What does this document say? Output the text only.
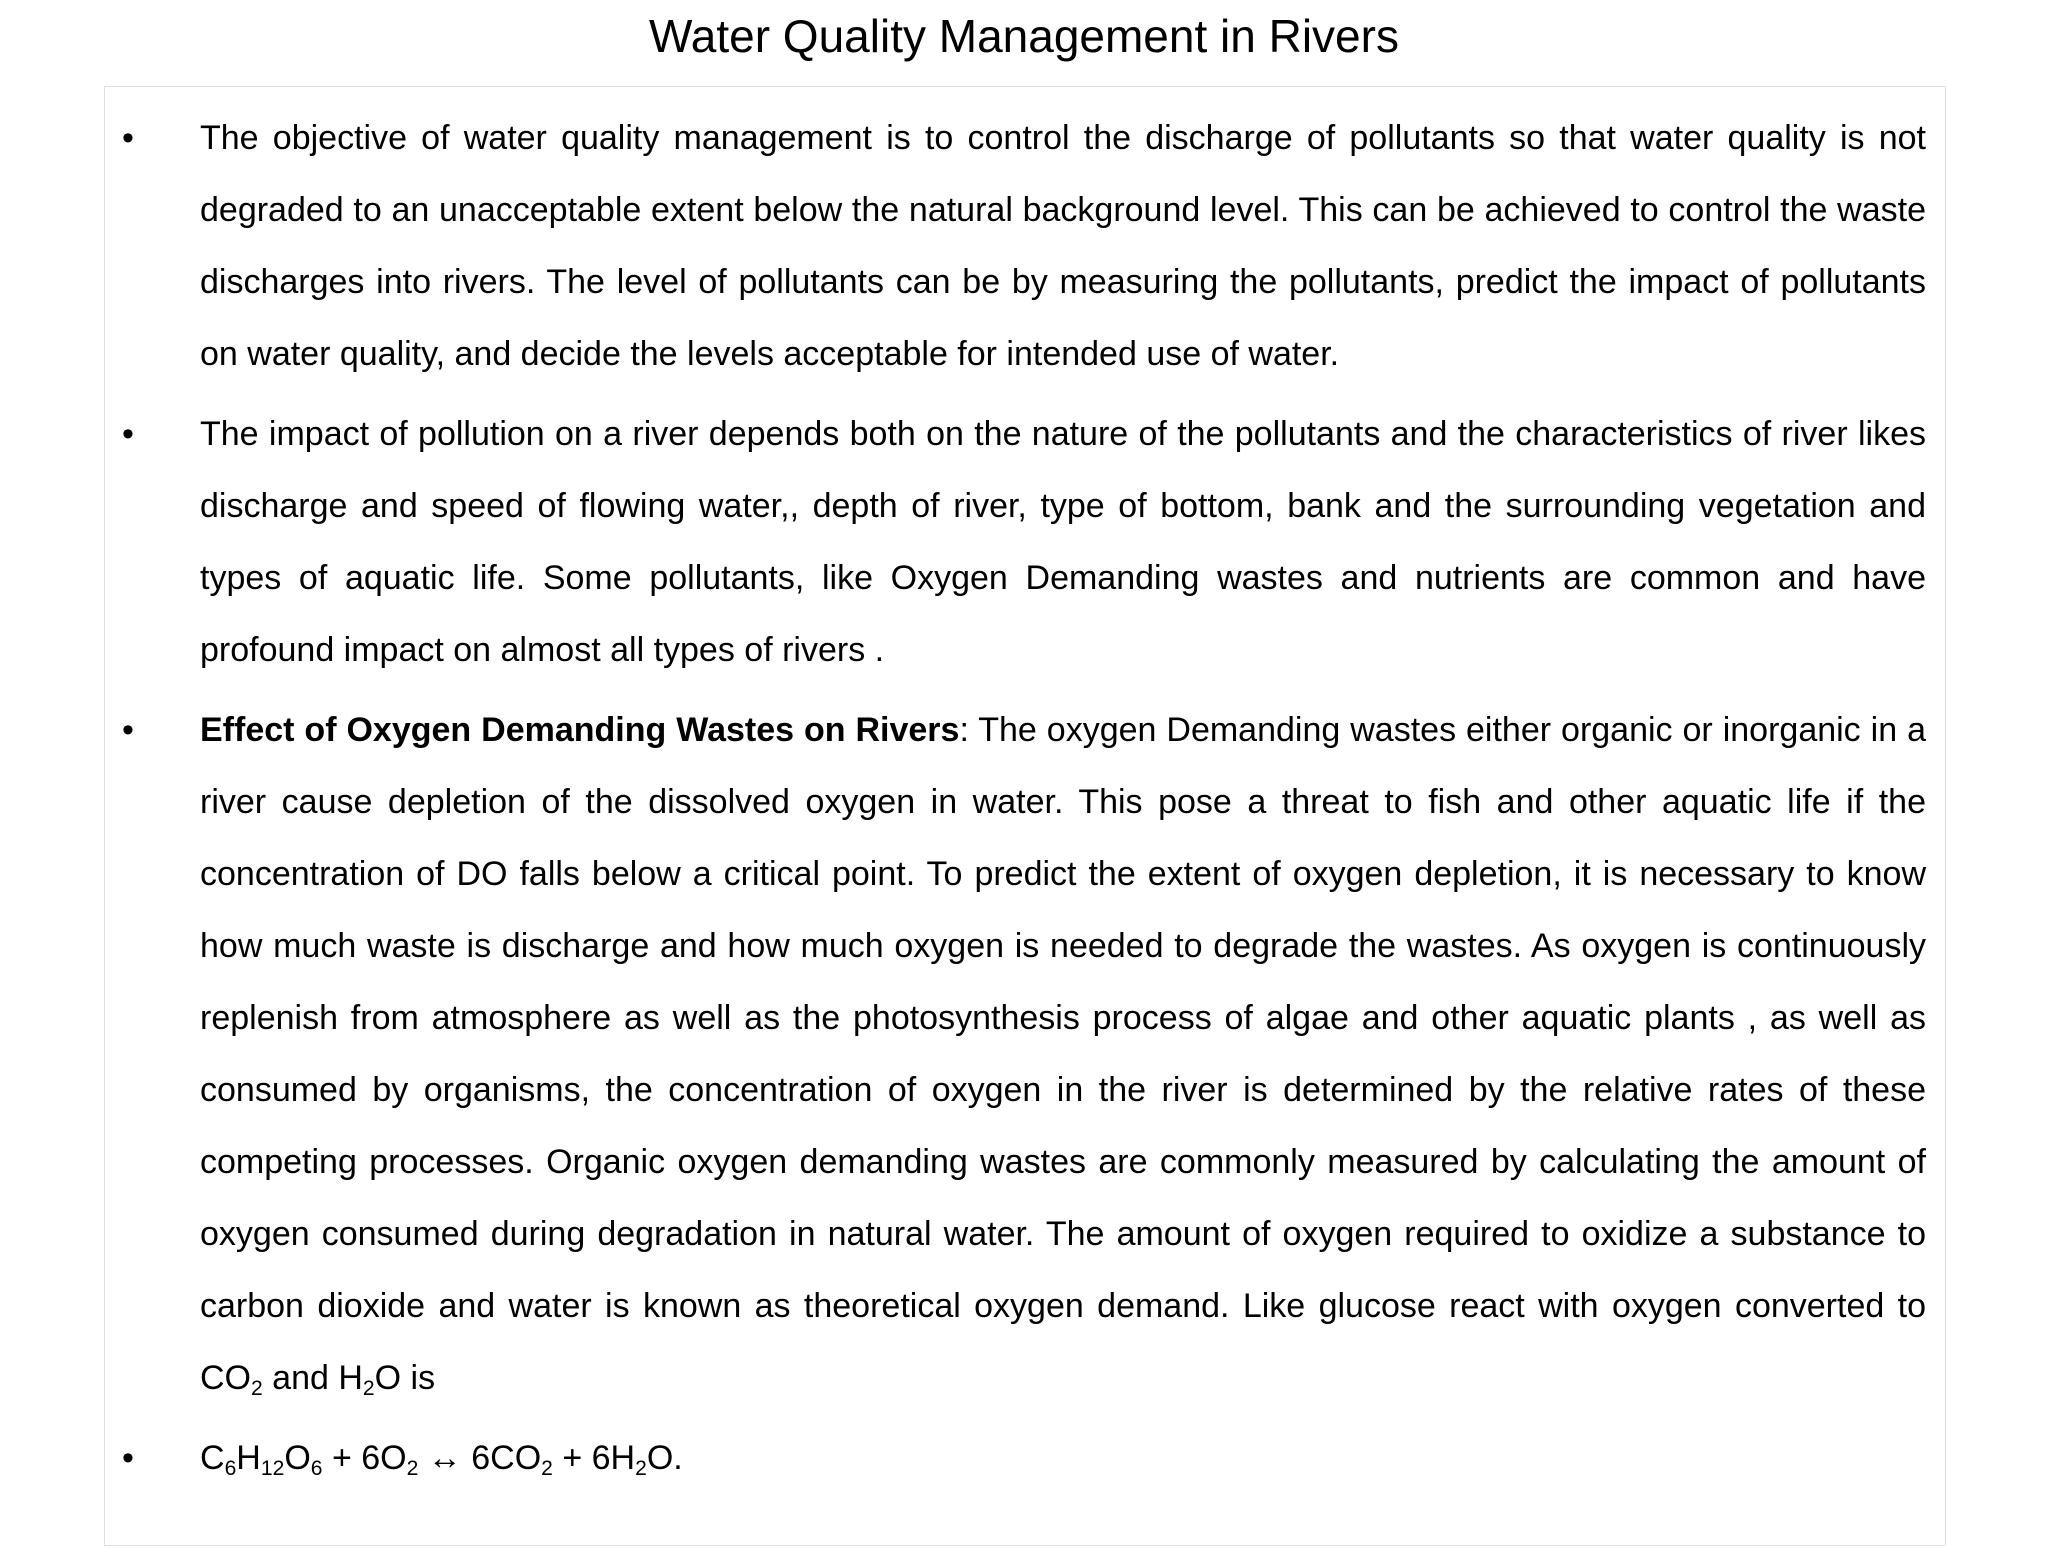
Water Quality Management in Rivers
• The objective of water quality management is to control the discharge of pollutants so that water quality is not degraded to an unacceptable extent below the natural background level. This can be achieved to control the waste discharges into rivers. The level of pollutants can be by measuring the pollutants, predict the impact of pollutants on water quality, and decide the levels acceptable for intended use of water.

• The impact of pollution on a river depends both on the nature of the pollutants and the characteristics of river likes discharge and speed of flowing water,, depth of river, type of bottom, bank and the surrounding vegetation and types of aquatic life. Some pollutants, like Oxygen Demanding wastes and nutrients are common and have profound impact on almost all types of rivers .

• Effect of Oxygen Demanding Wastes on Rivers: The oxygen Demanding wastes either organic or inorganic in a river cause depletion of the dissolved oxygen in water. This pose a threat to fish and other aquatic life if the concentration of DO falls below a critical point. To predict the extent of oxygen depletion, it is necessary to know how much waste is discharge and how much oxygen is needed to degrade the wastes. As oxygen is continuously replenish from atmosphere as well as the photosynthesis process of algae and other aquatic plants , as well as consumed by organisms, the concentration of oxygen in the river is determined by the relative rates of these competing processes. Organic oxygen demanding wastes are commonly measured by calculating the amount of oxygen consumed during degradation in natural water. The amount of oxygen required to oxidize a substance to carbon dioxide and water is known as theoretical oxygen demand. Like glucose react with oxygen converted to $CO_2$ and $H_2O$ is

• $C_6H_{12}O_6 + 6O_2$ ↔ $6CO_2 + 6H_2O$.
